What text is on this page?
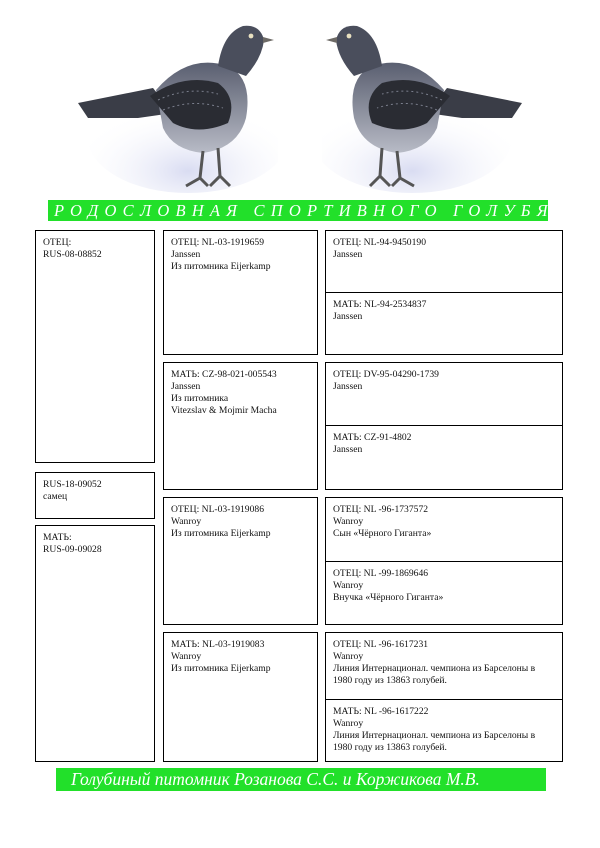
РОДОСЛОВНАЯ СПОРТИВНОГО ГОЛУБЯ
ОТЕЦ:
RUS-08-08852
RUS-18-09052
самец
МАТЬ:
RUS-09-09028
ОТЕЦ: NL-03-1919659
Janssen
Из питомника Eijerkamp
МАТЬ: CZ-98-021-005543
Janssen
Из питомника
Vitezslav & Mojmir Macha
ОТЕЦ: NL-03-1919086
Wanroy
Из питомника Eijerkamp
МАТЬ: NL-03-1919083
Wanroy
Из питомника Eijerkamp
ОТЕЦ: NL-94-9450190
Janssen
МАТЬ: NL-94-2534837
Janssen
ОТЕЦ: DV-95-04290-1739
Janssen
МАТЬ: CZ-91-4802
Janssen
ОТЕЦ: NL -96-1737572
Wanroy
Сын «Чёрного Гиганта»
ОТЕЦ: NL -99-1869646
Wanroy
Внучка «Чёрного Гиганта»
ОТЕЦ: NL -96-1617231
Wanroy
Линия Интернационал. чемпиона из Барселоны в 1980 году из 13863 голубей.
МАТЬ: NL -96-1617222
Wanroy
Линия Интернационал. чемпиона из Барселоны в 1980 году из 13863 голубей.
Голубиный питомник Розанова С.С. и Коржикова М.В.
